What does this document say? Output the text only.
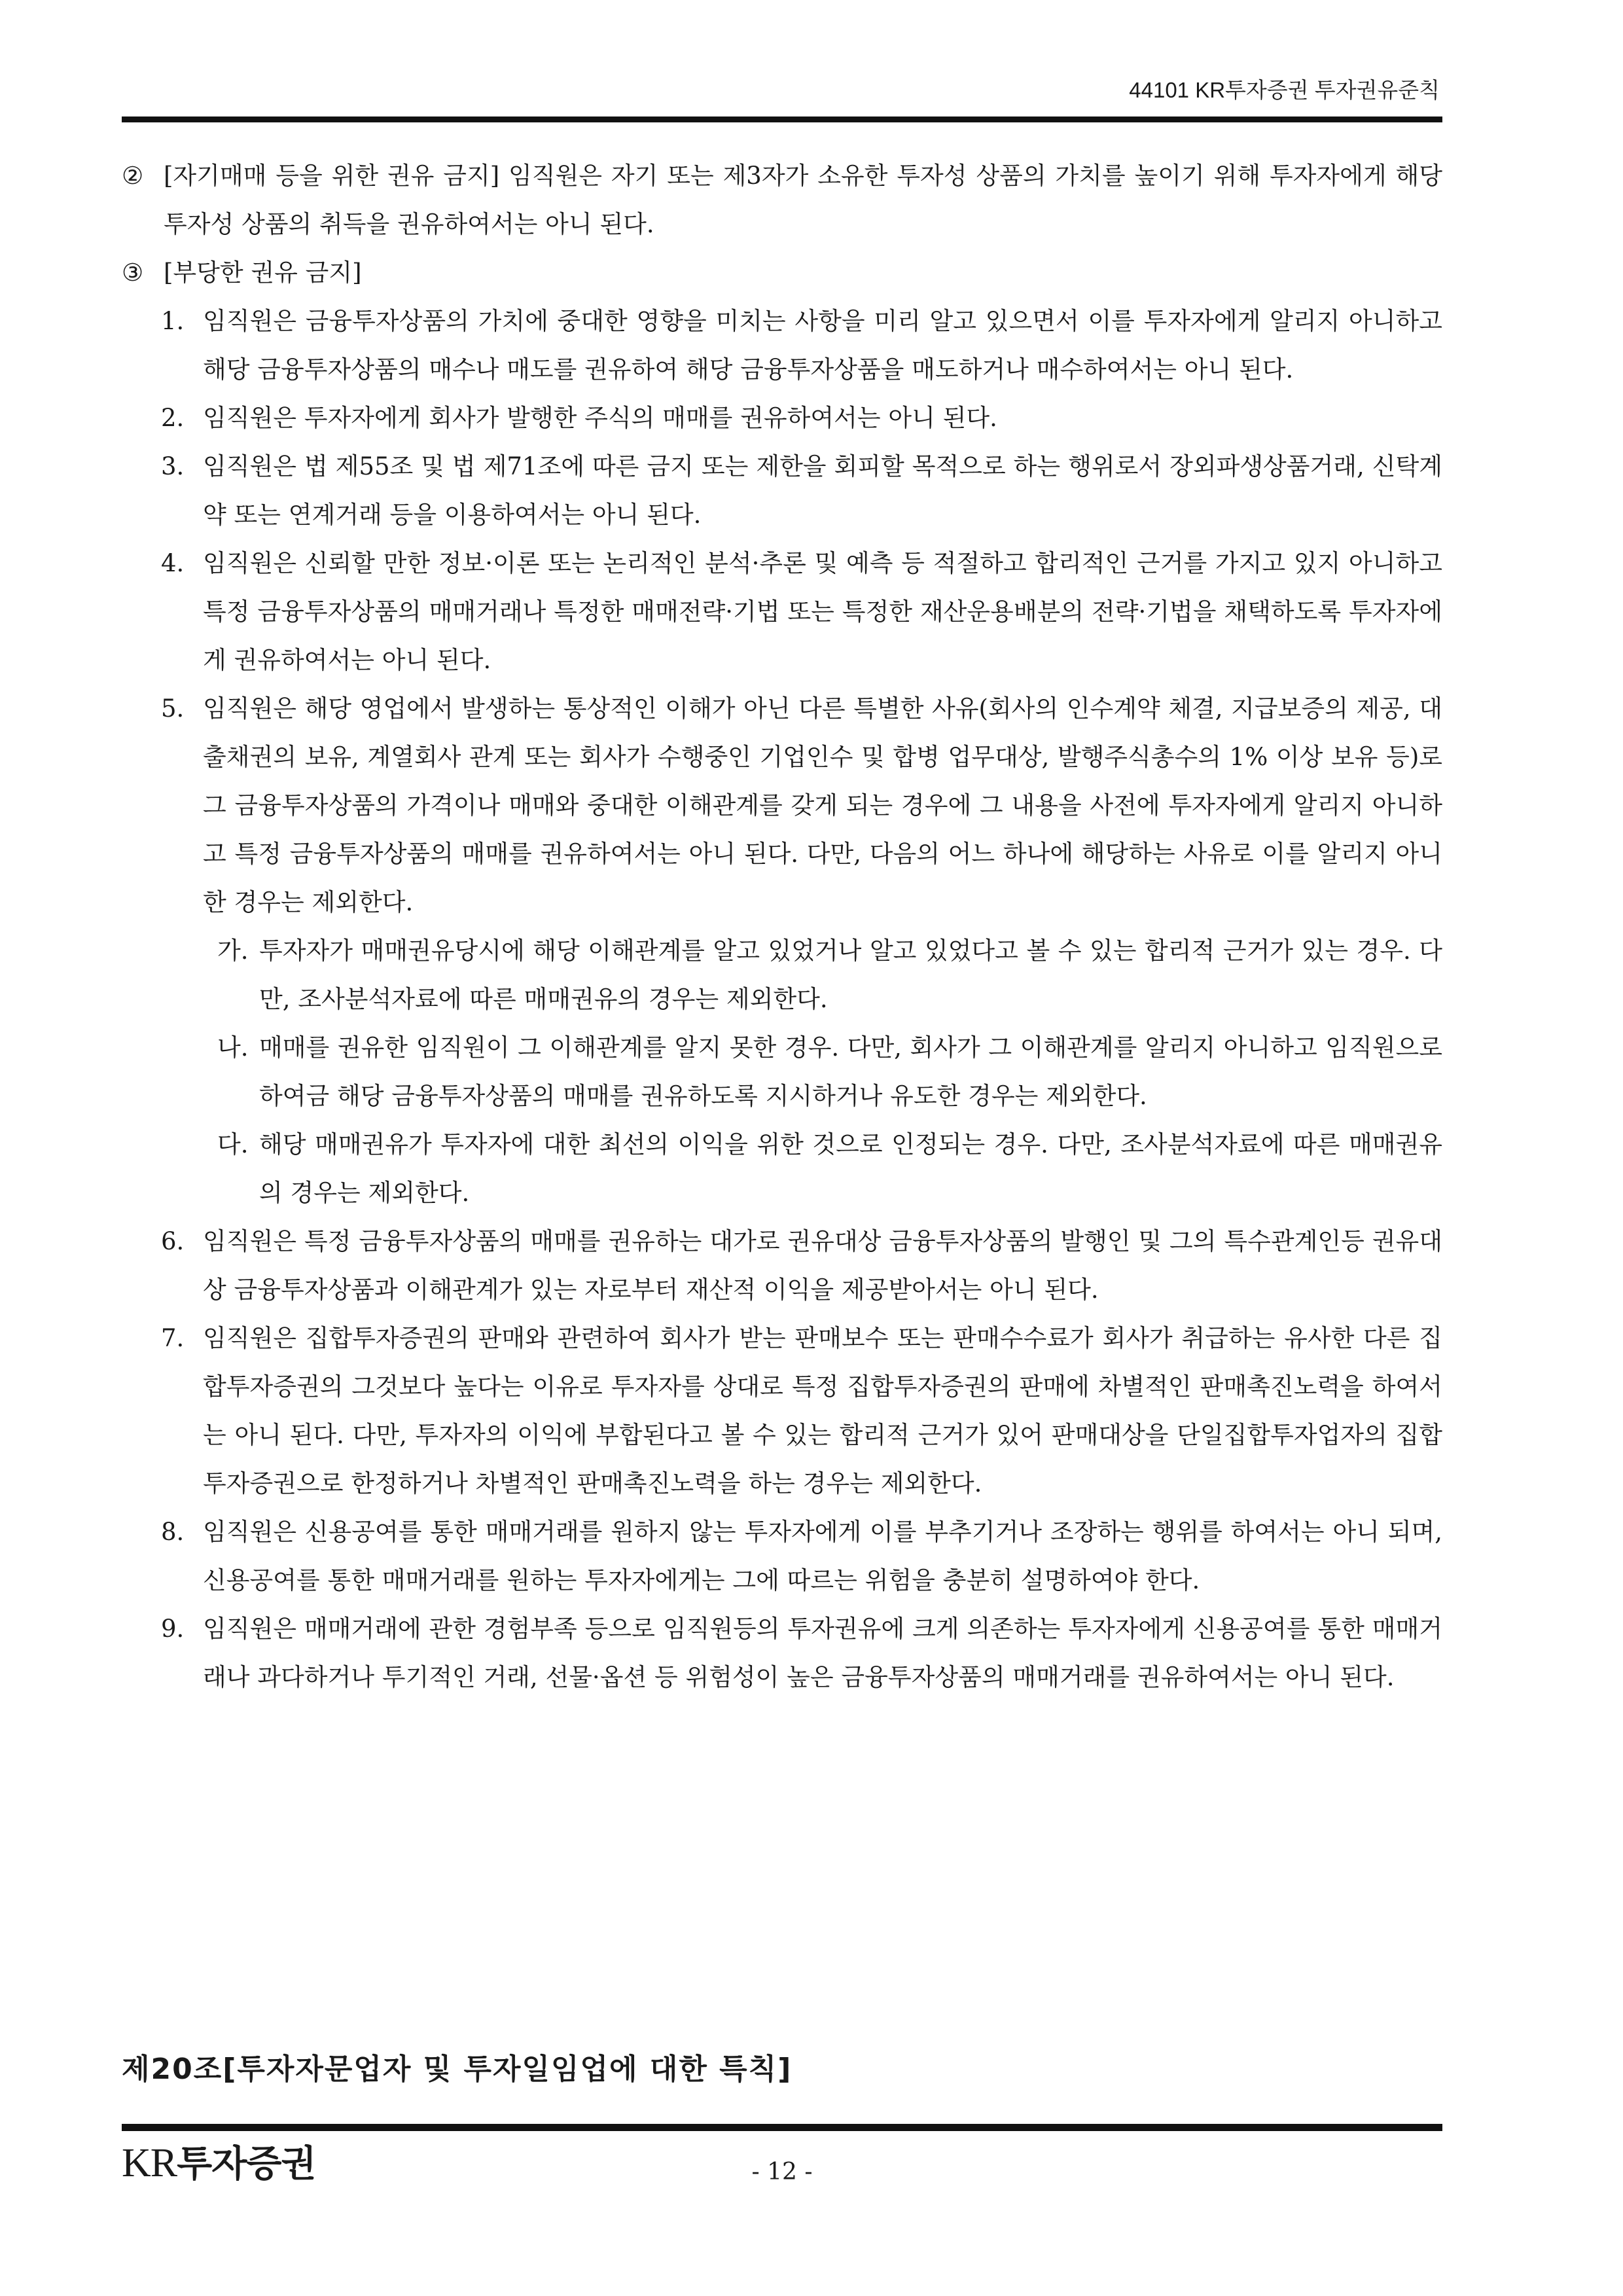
44101 KR투자증권 투자권유준칙
② [자기매매 등을 위한 권유 금지] 임직원은 자기 또는 제3자가 소유한 투자성 상품의 가치를 높이기 위해 투자자에게 해당 투자성 상품의 취득을 권유하여서는 아니 된다.
③ [부당한 권유 금지]
1. 임직원은 금융투자상품의 가치에 중대한 영향을 미치는 사항을 미리 알고 있으면서 이를 투자자에게 알리지 아니하고 해당 금융투자상품의 매수나 매도를 권유하여 해당 금융투자상품을 매도하거나 매수하여서는 아니 된다.
2. 임직원은 투자자에게 회사가 발행한 주식의 매매를 권유하여서는 아니 된다.
3. 임직원은 법 제55조 및 법 제71조에 따른 금지 또는 제한을 회피할 목적으로 하는 행위로서 장외파생상품거래, 신탁계약 또는 연계거래 등을 이용하여서는 아니 된다.
4. 임직원은 신뢰할 만한 정보·이론 또는 논리적인 분석·추론 및 예측 등 적절하고 합리적인 근거를 가지고 있지 아니하고 특정 금융투자상품의 매매거래나 특정한 매매전략·기법 또는 특정한 재산운용배분의 전략·기법을 채택하도록 투자자에게 권유하여서는 아니 된다.
5. 임직원은 해당 영업에서 발생하는 통상적인 이해가 아닌 다른 특별한 사유(회사의 인수계약 체결, 지급보증의 제공, 대출채권의 보유, 계열회사 관계 또는 회사가 수행중인 기업인수 및 합병 업무대상, 발행주식총수의 1% 이상 보유 등)로 그 금융투자상품의 가격이나 매매와 중대한 이해관계를 갖게 되는 경우에 그 내용을 사전에 투자자에게 알리지 아니하고 특정 금융투자상품의 매매를 권유하여서는 아니 된다. 다만, 다음의 어느 하나에 해당하는 사유로 이를 알리지 아니한 경우는 제외한다.
가. 투자자가 매매권유당시에 해당 이해관계를 알고 있었거나 알고 있었다고 볼 수 있는 합리적 근거가 있는 경우. 다만, 조사분석자료에 따른 매매권유의 경우는 제외한다.
나. 매매를 권유한 임직원이 그 이해관계를 알지 못한 경우. 다만, 회사가 그 이해관계를 알리지 아니하고 임직원으로 하여금 해당 금융투자상품의 매매를 권유하도록 지시하거나 유도한 경우는 제외한다.
다. 해당 매매권유가 투자자에 대한 최선의 이익을 위한 것으로 인정되는 경우. 다만, 조사분석자료에 따른 매매권유의 경우는 제외한다.
6. 임직원은 특정 금융투자상품의 매매를 권유하는 대가로 권유대상 금융투자상품의 발행인 및 그의 특수관계인등 권유대상 금융투자상품과 이해관계가 있는 자로부터 재산적 이익을 제공받아서는 아니 된다.
7. 임직원은 집합투자증권의 판매와 관련하여 회사가 받는 판매보수 또는 판매수수료가 회사가 취급하는 유사한 다른 집합투자증권의 그것보다 높다는 이유로 투자자를 상대로 특정 집합투자증권의 판매에 차별적인 판매촉진노력을 하여서는 아니 된다. 다만, 투자자의 이익에 부합된다고 볼 수 있는 합리적 근거가 있어 판매대상을 단일집합투자업자의 집합투자증권으로 한정하거나 차별적인 판매촉진노력을 하는 경우는 제외한다.
8. 임직원은 신용공여를 통한 매매거래를 원하지 않는 투자자에게 이를 부추기거나 조장하는 행위를 하여서는 아니 되며, 신용공여를 통한 매매거래를 원하는 투자자에게는 그에 따르는 위험을 충분히 설명하여야 한다.
9. 임직원은 매매거래에 관한 경험부족 등으로 임직원등의 투자권유에 크게 의존하는 투자자에게 신용공여를 통한 매매거래나 과다하거나 투기적인 거래, 선물·옵션 등 위험성이 높은 금융투자상품의 매매거래를 권유하여서는 아니 된다.
제20조[투자자문업자 및 투자일임업에 대한 특칙]
KR투자증권	- 12 -
